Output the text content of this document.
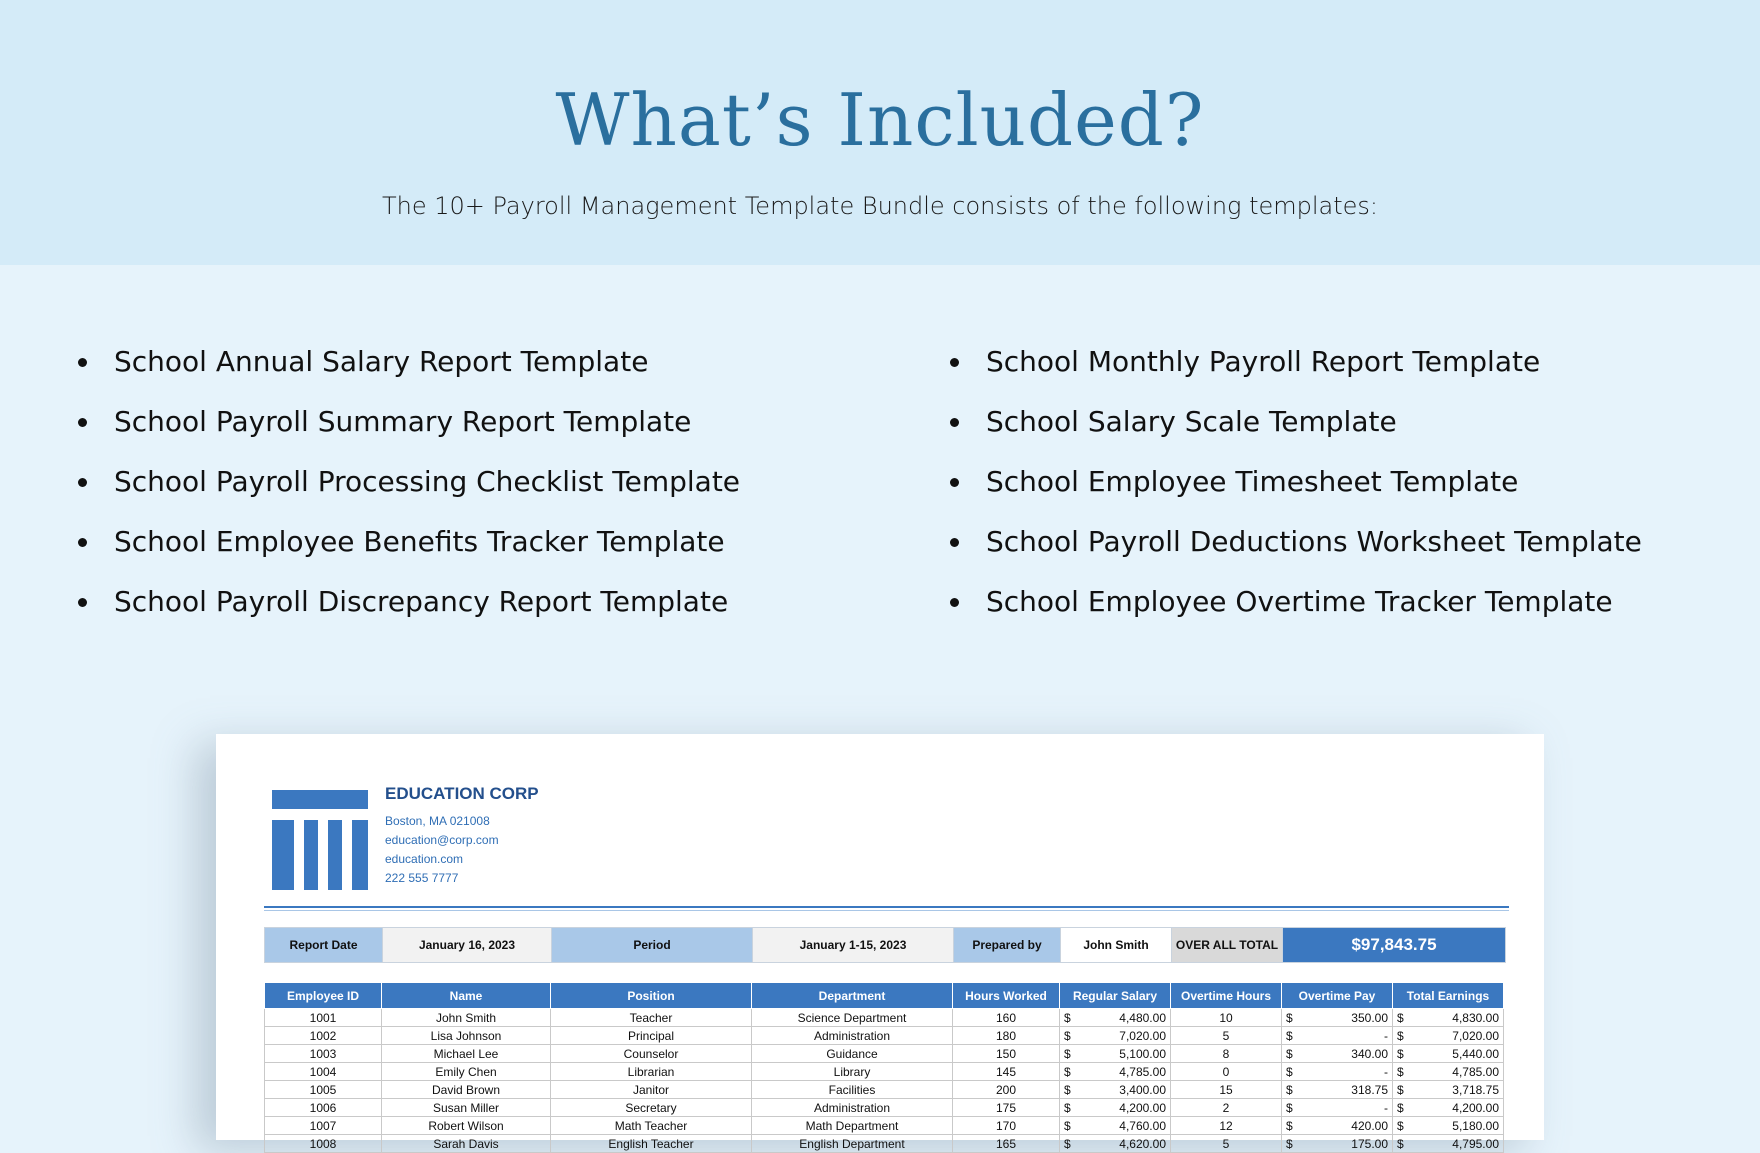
What’s Included?

The 10+ Payroll Management Template Bundle consists of the following templates:

School Annual Salary Report Template
School Payroll Summary Report Template
School Payroll Processing Checklist Template
School Employee Benefits Tracker Template
School Payroll Discrepancy Report Template
School Monthly Payroll Report Template
School Salary Scale Template
School Employee Timesheet Template
School Payroll Deductions Worksheet Template
School Employee Overtime Tracker Template
EDUCATION CORP
Boston, MA 021008
education@corp.com
education.com
222 555 7777
Report Date	January 16, 2023	Period	January 1-15, 2023	Prepared by	John Smith	OVER ALL TOTAL	$97,843.75
Employee ID	Name	Position	Department	Hours Worked	Regular Salary	Overtime Hours	Overtime Pay	Total Earnings
1001	John Smith	Teacher	Science Department	160	$ 4,480.00	10	$ 350.00	$ 4,830.00
1002	Lisa Johnson	Principal	Administration	180	$ 7,020.00	5	$ -	$ 7,020.00
1003	Michael Lee	Counselor	Guidance	150	$ 5,100.00	8	$ 340.00	$ 5,440.00
1004	Emily Chen	Librarian	Library	145	$ 4,785.00	0	$ -	$ 4,785.00
1005	David Brown	Janitor	Facilities	200	$ 3,400.00	15	$ 318.75	$ 3,718.75
1006	Susan Miller	Secretary	Administration	175	$ 4,200.00	2	$ -	$ 4,200.00
1007	Robert Wilson	Math Teacher	Math Department	170	$ 4,760.00	12	$ 420.00	$ 5,180.00
1008	Sarah Davis	English Teacher	English Department	165	$ 4,620.00	5	$ 175.00	$ 4,795.00
